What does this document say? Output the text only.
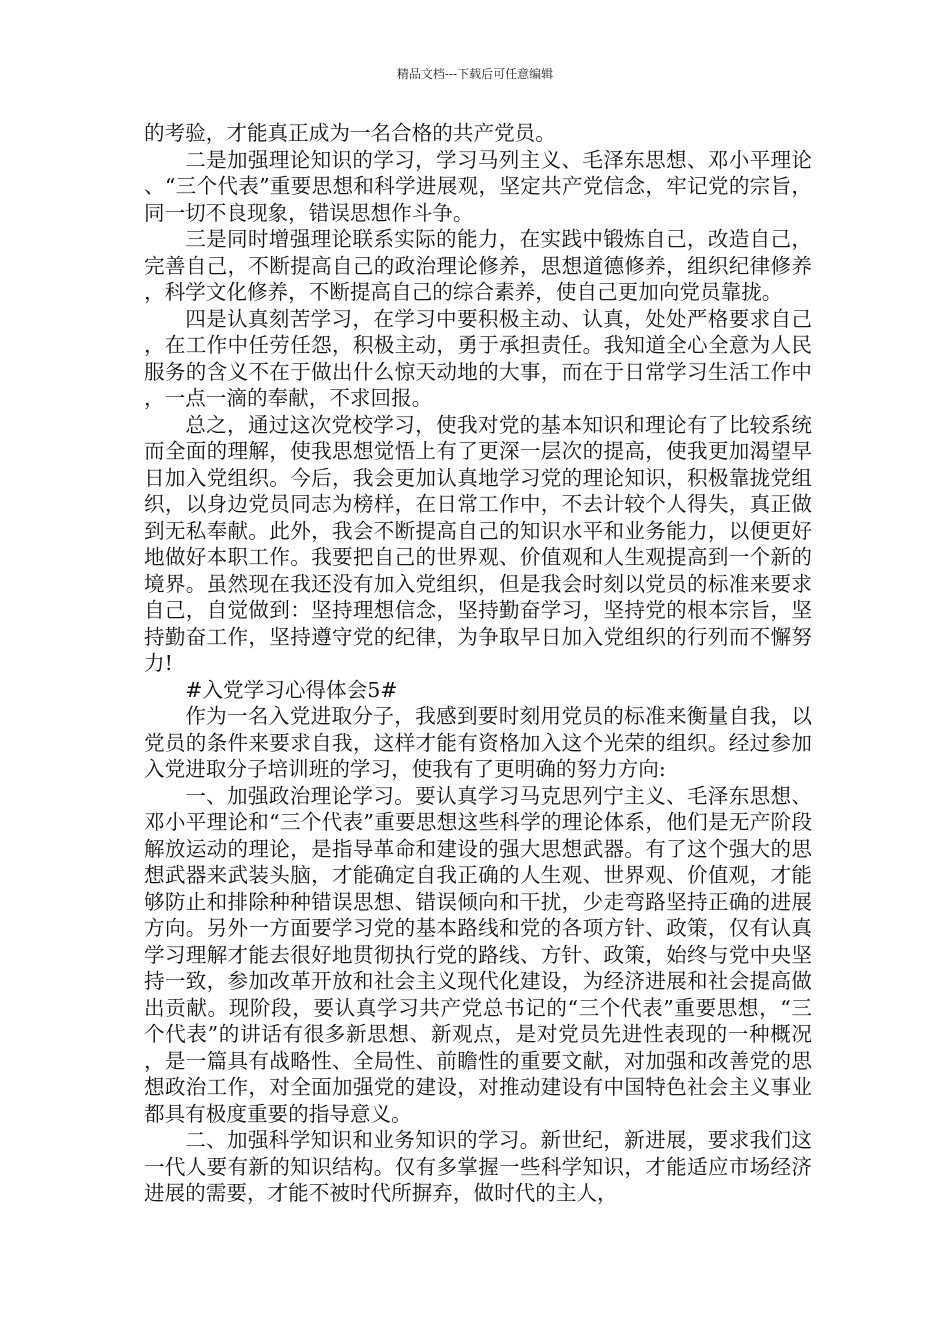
精品文档---下载后可任意编辑

的考验，才能真正成为一名合格的共产党员。

二是加强理论知识的学习，学习马列主义、毛泽东思想、邓小平理论、“三个代表”重要思想和科学进展观，坚定共产党信念，牢记党的宗旨，同一切不良现象，错误思想作斗争。

三是同时增强理论联系实际的能力，在实践中锻炼自己，改造自己，完善自己，不断提高自己的政治理论修养，思想道德修养，组织纪律修养，科学文化修养，不断提高自己的综合素养，使自己更加向党员靠拢。

四是认真刻苦学习，在学习中要积极主动、认真，处处严格要求自己，在工作中任劳任怨，积极主动，勇于承担责任。我知道全心全意为人民服务的含义不在于做出什么惊天动地的大事，而在于日常学习生活工作中，一点一滴的奉献，不求回报。

总之，通过这次党校学习，使我对党的基本知识和理论有了比较系统而全面的理解，使我思想觉悟上有了更深一层次的提高，使我更加渴望早日加入党组织。今后，我会更加认真地学习党的理论知识，积极靠拢党组织，以身边党员同志为榜样，在日常工作中，不去计较个人得失，真正做到无私奉献。此外，我会不断提高自己的知识水平和业务能力，以便更好地做好本职工作。我要把自己的世界观、价值观和人生观提高到一个新的境界。虽然现在我还没有加入党组织，但是我会时刻以党员的标准来要求自己，自觉做到：坚持理想信念，坚持勤奋学习，坚持党的根本宗旨，坚持勤奋工作，坚持遵守党的纪律，为争取早日加入党组织的行列而不懈努力!

#入党学习心得体会5#

作为一名入党进取分子，我感到要时刻用党员的标准来衡量自我，以党员的条件来要求自我，这样才能有资格加入这个光荣的组织。经过参加入党进取分子培训班的学习，使我有了更明确的努力方向:

一、加强政治理论学习。要认真学习马克思列宁主义、毛泽东思想、邓小平理论和“三个代表”重要思想这些科学的理论体系，他们是无产阶段解放运动的理论，是指导革命和建设的强大思想武器。有了这个强大的思想武器来武装头脑，才能确定自我正确的人生观、世界观、价值观，才能够防止和排除种种错误思想、错误倾向和干扰，少走弯路坚持正确的进展方向。另外一方面要学习党的基本路线和党的各项方针、政策，仅有认真学习理解才能去很好地贯彻执行党的路线、方针、政策，始终与党中央坚持一致，参加改革开放和社会主义现代化建设，为经济进展和社会提高做出贡献。现阶段，要认真学习共产党总书记的“三个代表”重要思想，“三个代表”的讲话有很多新思想、新观点，是对党员先进性表现的一种概况，是一篇具有战略性、全局性、前瞻性的重要文献，对加强和改善党的思想政治工作，对全面加强党的建设，对推动建设有中国特色社会主义事业都具有极度重要的指导意义。

二、加强科学知识和业务知识的学习。新世纪，新进展，要求我们这一代人要有新的知识结构。仅有多掌握一些科学知识，才能适应市场经济进展的需要，才能不被时代所摒弃，做时代的主人，
